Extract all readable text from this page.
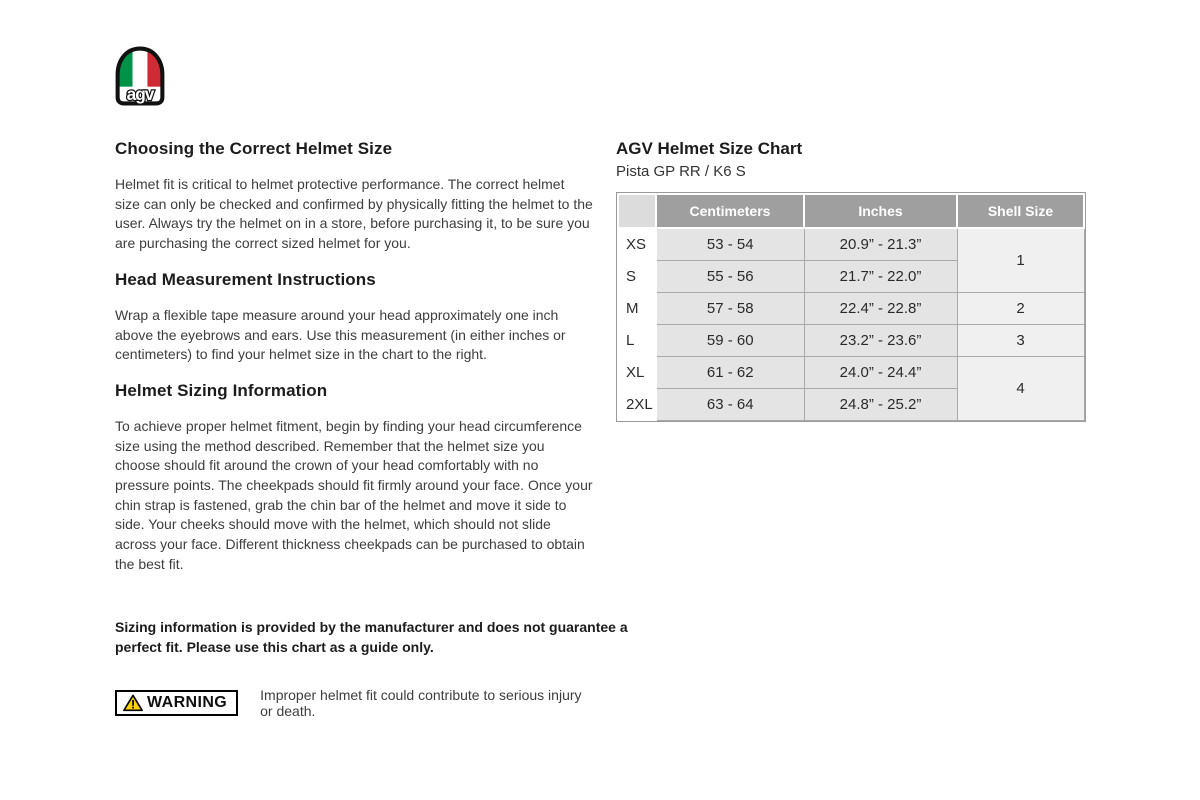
agv
Choosing the Correct Helmet Size

Helmet fit is critical to helmet protective performance. The correct helmet size can only be checked and confirmed by physically fitting the helmet to the user. Always try the helmet on in a store, before purchasing it, to be sure you are purchasing the correct sized helmet for you.

Head Measurement Instructions

Wrap a flexible tape measure around your head approximately one inch above the eyebrows and ears. Use this measurement (in either inches or centimeters) to find your helmet size in the chart to the right.

Helmet Sizing Information

To achieve proper helmet fitment, begin by finding your head circumference size using the method described. Remember that the helmet size you choose should fit around the crown of your head comfortably with no pressure points. The cheekpads should fit firmly around your face. Once your chin strap is fastened, grab the chin bar of the helmet and move it side to side. Your cheeks should move with the helmet, which should not slide across your face. Different thickness cheekpads can be purchased to obtain the best fit.

Sizing information is provided by the manufacturer and does not guarantee a perfect fit. Please use this chart as a guide only.

WARNING Improper helmet fit could contribute to serious injury or death.
AGV Helmet Size Chart
Pista GP RR / K6 S
	Centimeters	Inches	Shell Size
XS	53 - 54	20.9” - 21.3”	1
S	55 - 56	21.7” - 22.0”	
M	57 - 58	22.4” - 22.8”	2
L	59 - 60	23.2” - 23.6”	3
XL	61 - 62	24.0” - 24.4”	4
2XL	63 - 64	24.8” - 25.2”	
